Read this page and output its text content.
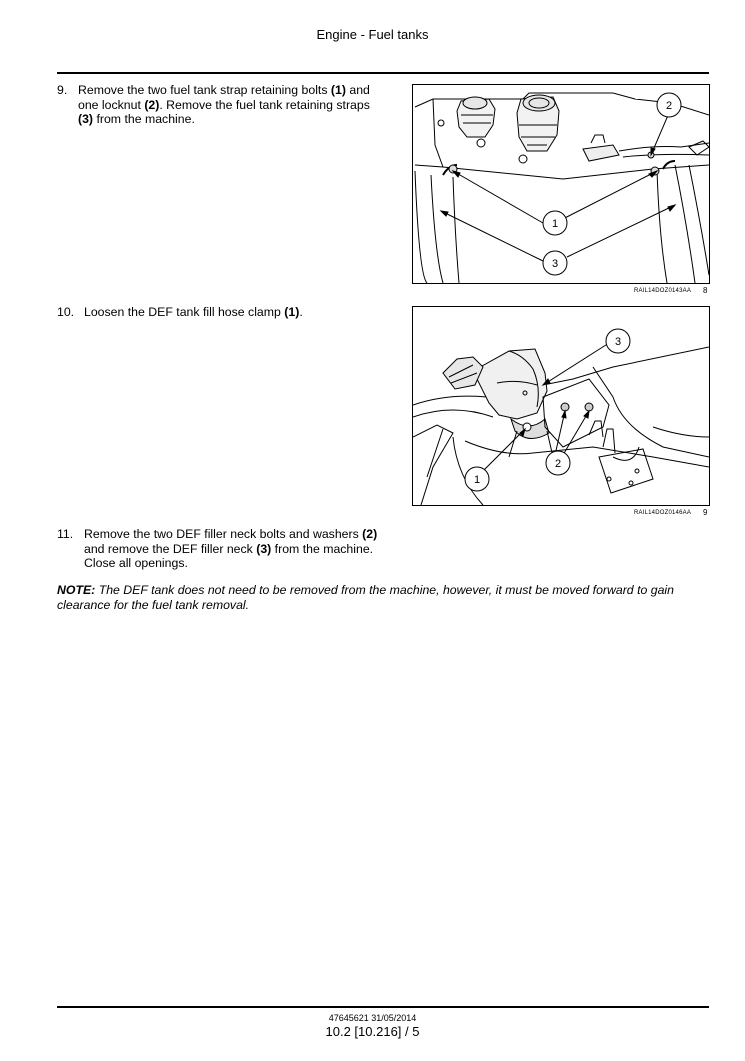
Engine - Fuel tanks
9. Remove the two fuel tank strap retaining bolts (1) and
one locknut (2). Remove the fuel tank retaining straps
(3) from the machine.
1
2
3
RAIL14DOZ0143AA 8
10. Loosen the DEF tank fill hose clamp (1).
1
2
3
RAIL14DOZ0146AA 9
11. Remove the two DEF filler neck bolts and washers (2)
and remove the DEF filler neck (3) from the machine.
Close all openings.
NOTE: The DEF tank does not need to be removed from the machine, however, it must be moved forward to gain
clearance for the fuel tank removal.
47645621 31/05/2014
10.2 [10.216] / 5
